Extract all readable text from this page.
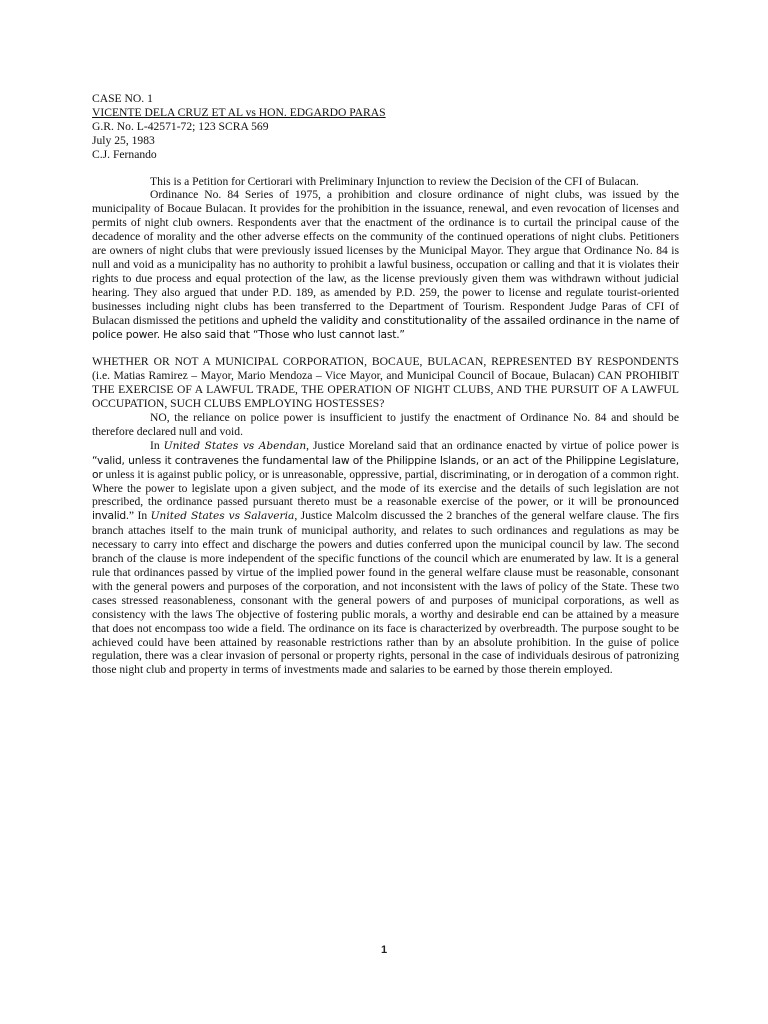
CASE NO. 1
VICENTE DELA CRUZ ET AL vs HON. EDGARDO PARAS
G.R. No. L-42571-72; 123 SCRA 569
July 25, 1983
C.J. Fernando

This is a Petition for Certiorari with Preliminary Injunction to review the Decision of the CFI of Bulacan.

Ordinance No. 84 Series of 1975, a prohibition and closure ordinance of night clubs, was issued by the municipality of Bocaue Bulacan. It provides for the prohibition in the issuance, renewal, and even revocation of licenses and permits of night club owners. Respondents aver that the enactment of the ordinance is to curtail the principal cause of the decadence of morality and the other adverse effects on the community of the continued operations of night clubs. Petitioners are owners of night clubs that were previously issued licenses by the Municipal Mayor. They argue that Ordinance No. 84 is null and void as a municipality has no authority to prohibit a lawful business, occupation or calling and that it is violates their rights to due process and equal protection of the law, as the license previously given them was withdrawn without judicial hearing. They also argued that under P.D. 189, as amended by P.D. 259, the power to license and regulate tourist-oriented businesses including night clubs has been transferred to the Department of Tourism. Respondent Judge Paras of CFI of Bulacan dismissed the petitions and upheld the validity and constitutionality of the assailed ordinance in the name of police power. He also said that “Those who lust cannot last.”

WHETHER OR NOT A MUNICIPAL CORPORATION, BOCAUE, BULACAN, REPRESENTED BY RESPONDENTS (i.e. Matias Ramirez – Mayor, Mario Mendoza – Vice Mayor, and Municipal Council of Bocaue, Bulacan) CAN PROHIBIT THE EXERCISE OF A LAWFUL TRADE, THE OPERATION OF NIGHT CLUBS, AND THE PURSUIT OF A LAWFUL OCCUPATION, SUCH CLUBS EMPLOYING HOSTESSES?

NO, the reliance on police power is insufficient to justify the enactment of Ordinance No. 84 and should be therefore declared null and void.

In United States vs Abendan, Justice Moreland said that an ordinance enacted by virtue of police power is “valid, unless it contravenes the fundamental law of the Philippine Islands, or an act of the Philippine Legislature, or unless it is against public policy, or is unreasonable, oppressive, partial, discriminating, or in derogation of a common right. Where the power to legislate upon a given subject, and the mode of its exercise and the details of such legislation are not prescribed, the ordinance passed pursuant thereto must be a reasonable exercise of the power, or it will be pronounced invalid.” In United States vs Salaveria, Justice Malcolm discussed the 2 branches of the general welfare clause. The firs branch attaches itself to the main trunk of municipal authority, and relates to such ordinances and regulations as may be necessary to carry into effect and discharge the powers and duties conferred upon the municipal council by law. The second branch of the clause is more independent of the specific functions of the council which are enumerated by law. It is a general rule that ordinances passed by virtue of the implied power found in the general welfare clause must be reasonable, consonant with the general powers and purposes of the corporation, and not inconsistent with the laws of policy of the State. These two cases stressed reasonableness, consonant with the general powers of and purposes of municipal corporations, as well as consistency with the laws The objective of fostering public morals, a worthy and desirable end can be attained by a measure that does not encompass too wide a field. The ordinance on its face is characterized by overbreadth. The purpose sought to be achieved could have been attained by reasonable restrictions rather than by an absolute prohibition. In the guise of police regulation, there was a clear invasion of personal or property rights, personal in the case of individuals desirous of patronizing those night club and property in terms of investments made and salaries to be earned by those therein employed.

1
